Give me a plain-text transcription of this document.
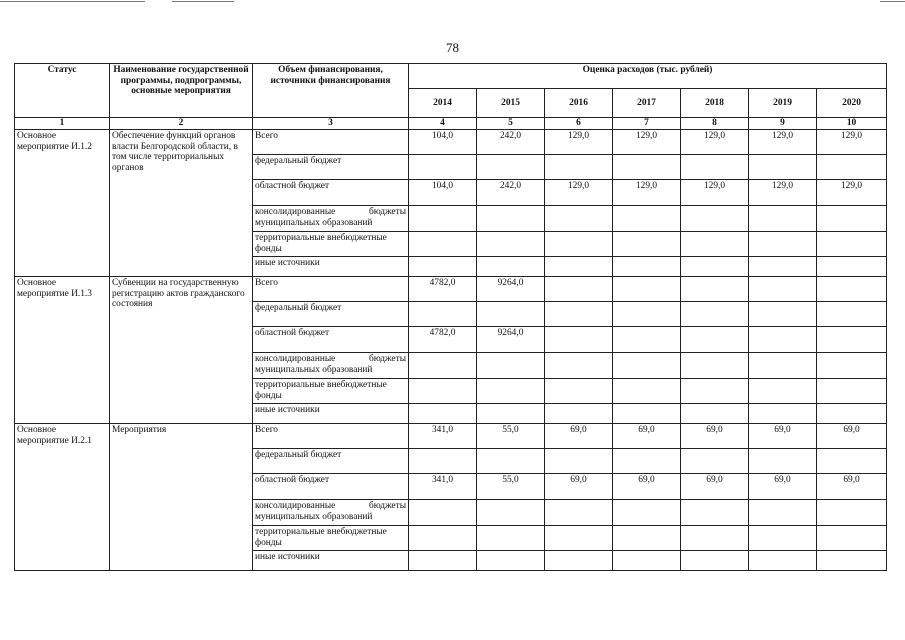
78
Статус	Наименование государственной программы, подпрограммы, основные мероприятия	Объем финансирования, источники финансирования	Оценка расходов (тыс. рублей)						
			2014	2015	2016	2017	2018	2019	2020
1	2	3	4	5	6	7	8	9	10
Основное мероприятие И.1.2	Обеспечение функций органов власти Белгородской области, в том числе территориальных органов	Всего	104,0	242,0	129,0	129,0	129,0	129,0	129,0
		федеральный бюджет							
		областной бюджет	104,0	242,0	129,0	129,0	129,0	129,0	129,0
		консолидированные бюджеты муниципальных образований							
		территориальные внебюджетные фонды							
		иные источники							
Основное мероприятие И.1.3	Субвенции на государственную регистрацию актов гражданского состояния	Всего	4782,0	9264,0					
		федеральный бюджет							
		областной бюджет	4782,0	9264,0					
		консолидированные бюджеты муниципальных образований							
		территориальные внебюджетные фонды							
		иные источники							
Основное мероприятие И.2.1	Мероприятия	Всего	341,0	55,0	69,0	69,0	69,0	69,0	69,0
		федеральный бюджет							
		областной бюджет	341,0	55,0	69,0	69,0	69,0	69,0	69,0
		консолидированные бюджеты муниципальных образований							
		территориальные внебюджетные фонды							
		иные источники							
